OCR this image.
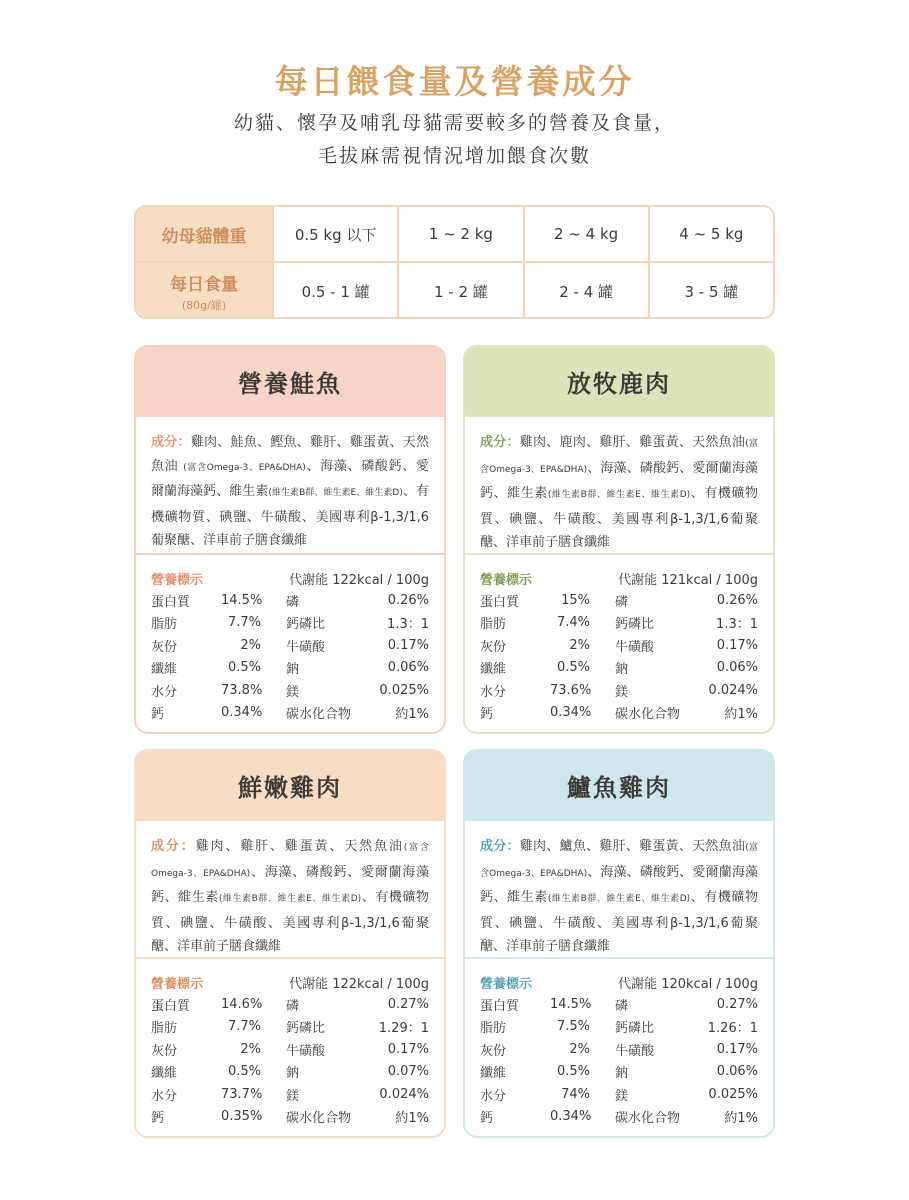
每日餵食量及營養成分
幼貓、懷孕及哺乳母貓需要較多的營養及食量，
毛拔麻需視情況增加餵食次數
幼母貓體重	0.5 kg 以下	1 ~ 2 kg	2 ~ 4 kg	4 ~ 5 kg
每日食量
(80g/罐)
0.5 - 1 罐	1 - 2 罐	2 - 4 罐	3 - 5 罐
營養鮭魚
成分：雞肉、鮭魚、鰹魚、雞肝、雞蛋黃、天然魚油 (富含Omega-3、EPA&DHA)、海藻、磷酸鈣、愛爾蘭海藻鈣、維生素(維生素B群、維生素E、維生素D)、有機礦物質、碘鹽、牛磺酸、美國專利β-1,3/1,6 葡聚醣、洋車前子膳食纖維
營養標示	代謝能 122kcal / 100g
蛋白質	14.5% 磷	0.26%
脂肪	7.7% 鈣磷比	1.3：1
灰份	2% 牛磺酸	0.17%
纖維	0.5% 鈉	0.06%
水分	73.8% 鎂	0.025%
鈣	0.34% 碳水化合物	約1%
放牧鹿肉
成分：雞肉、鹿肉、雞肝、雞蛋黃、天然魚油(富含Omega-3、EPA&DHA)、海藻、磷酸鈣、愛爾蘭海藻鈣、維生素(維生素B群、維生素E、維生素D)、有機礦物質、碘鹽、牛磺酸、美國專利β-1,3/1,6葡聚醣、洋車前子膳食纖維
營養標示	代謝能 121kcal / 100g
蛋白質	15% 磷	0.26%
脂肪	7.4% 鈣磷比	1.3：1
灰份	2% 牛磺酸	0.17%
纖維	0.5% 鈉	0.06%
水分	73.6% 鎂	0.024%
鈣	0.34% 碳水化合物	約1%
鮮嫩雞肉
成分：雞肉、雞肝、雞蛋黃、天然魚油(富含Omega-3、EPA&DHA)、海藻、磷酸鈣、愛爾蘭海藻鈣、維生素(維生素B群、維生素E、維生素D)、有機礦物質、碘鹽、牛磺酸、美國專利β-1,3/1,6葡聚醣、洋車前子膳食纖維
營養標示	代謝能 122kcal / 100g
蛋白質	14.6% 磷	0.27%
脂肪	7.7% 鈣磷比	1.29：1
灰份	2% 牛磺酸	0.17%
纖維	0.5% 鈉	0.07%
水分	73.7% 鎂	0.024%
鈣	0.35% 碳水化合物	約1%
鱸魚雞肉
成分：雞肉、鱸魚、雞肝、雞蛋黃、天然魚油(富含Omega-3、EPA&DHA)、海藻、磷酸鈣、愛爾蘭海藻鈣、維生素(維生素B群、維生素E、維生素D)、有機礦物質、碘鹽、牛磺酸、美國專利β-1,3/1,6葡聚醣、洋車前子膳食纖維
營養標示	代謝能 120kcal / 100g
蛋白質	14.5% 磷	0.27%
脂肪	7.5% 鈣磷比	1.26：1
灰份	2% 牛磺酸	0.17%
纖維	0.5% 鈉	0.06%
水分	74% 鎂	0.025%
鈣	0.34% 碳水化合物	約1%
